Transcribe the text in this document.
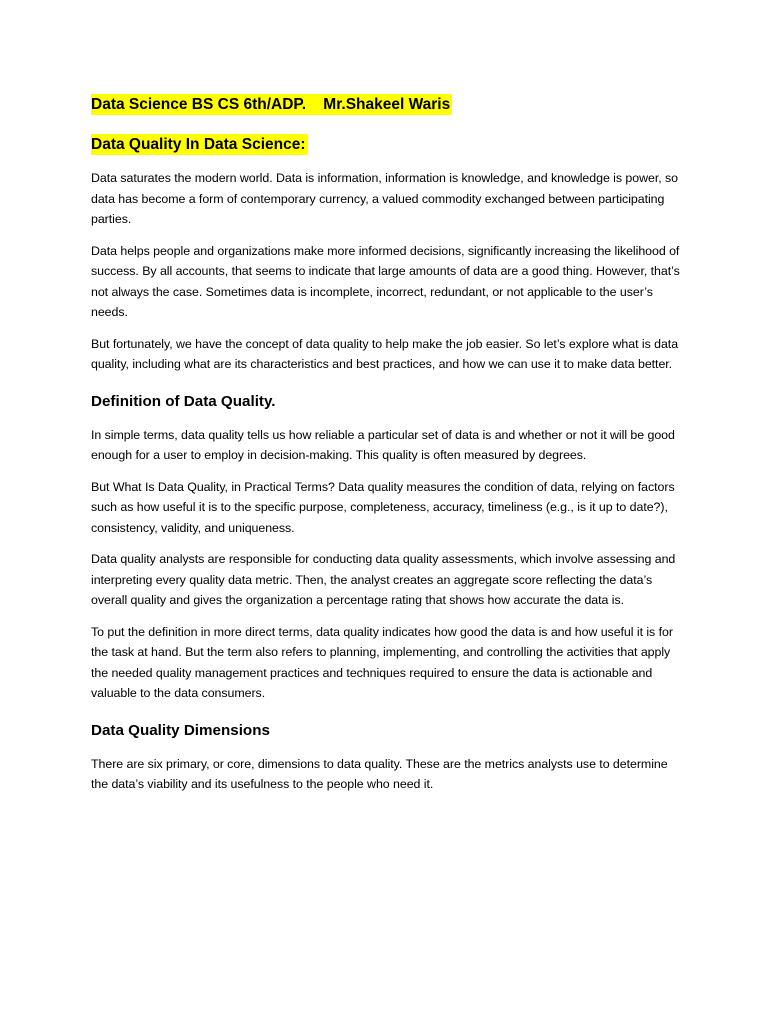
Data Science BS CS 6th/ADP.    Mr.Shakeel Waris
Data Quality In Data Science:

Data saturates the modern world. Data is information, information is knowledge, and knowledge is power, so data has become a form of contemporary currency, a valued commodity exchanged between participating parties.

Data helps people and organizations make more informed decisions, significantly increasing the likelihood of success. By all accounts, that seems to indicate that large amounts of data are a good thing. However, that’s not always the case. Sometimes data is incomplete, incorrect, redundant, or not applicable to the user’s needs.

But fortunately, we have the concept of data quality to help make the job easier. So let’s explore what is data quality, including what are its characteristics and best practices, and how we can use it to make data better.

Definition of Data Quality.

In simple terms, data quality tells us how reliable a particular set of data is and whether or not it will be good enough for a user to employ in decision-making. This quality is often measured by degrees.

But What Is Data Quality, in Practical Terms? Data quality measures the condition of data, relying on factors such as how useful it is to the specific purpose, completeness, accuracy, timeliness (e.g., is it up to date?), consistency, validity, and uniqueness.

Data quality analysts are responsible for conducting data quality assessments, which involve assessing and interpreting every quality data metric. Then, the analyst creates an aggregate score reflecting the data’s overall quality and gives the organization a percentage rating that shows how accurate the data is.

To put the definition in more direct terms, data quality indicates how good the data is and how useful it is for the task at hand. But the term also refers to planning, implementing, and controlling the activities that apply the needed quality management practices and techniques required to ensure the data is actionable and valuable to the data consumers.

Data Quality Dimensions

There are six primary, or core, dimensions to data quality. These are the metrics analysts use to determine the data’s viability and its usefulness to the people who need it.
